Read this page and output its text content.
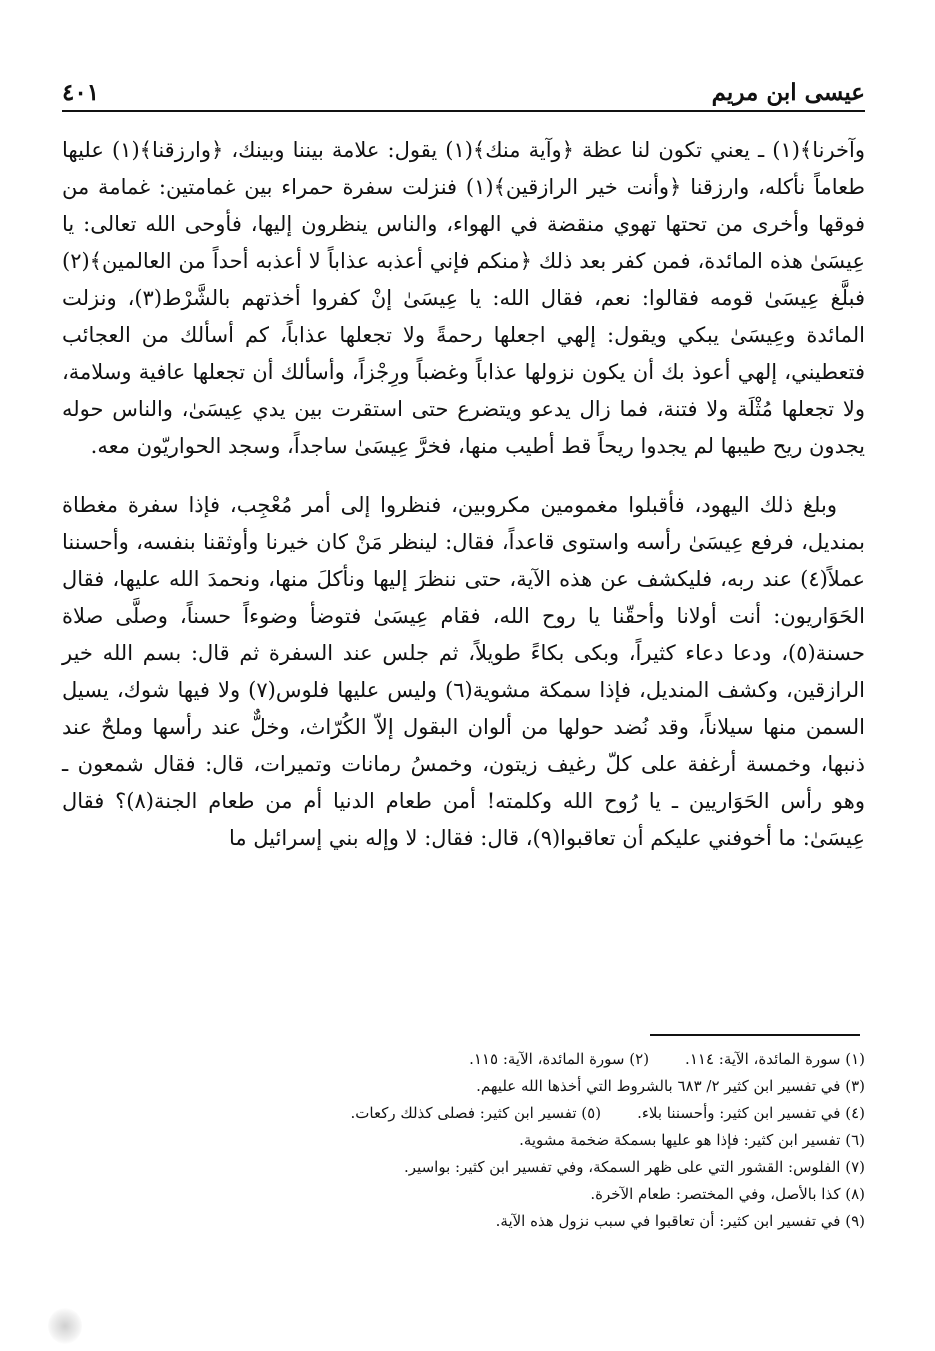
عيسى ابن مريم
٤٠١

وآخرنا﴾(١) ـ يعني تكون لنا عظة ﴿وآية منك﴾(١) يقول: علامة بيننا وبينك، ﴿وارزقنا﴾(١) عليها طعاماً نأكله، وارزقنا ﴿وأنت خير الرازقين﴾(١) فنزلت سفرة حمراء بين غمامتين: غمامة من فوقها وأخرى من تحتها تهوي منقضة في الهواء، والناس ينظرون إليها، فأوحى الله تعالى: يا عِيسَىٰ هذه المائدة، فمن كفر بعد ذلك ﴿منكم فإني أعذبه عذاباً لا أعذبه أحداً من العالمين﴾(٢) فبلَّغ عِيسَىٰ قومه فقالوا: نعم، فقال الله: يا عِيسَىٰ إنْ كفروا أخذتهم بالشَّرْط(٣)، ونزلت المائدة وعِيسَىٰ يبكي ويقول: إلهي اجعلها رحمةً ولا تجعلها عذاباً، كم أسألك من العجائب فتعطيني، إلهي أعوذ بك أن يكون نزولها عذاباً وغضباً ورِجْزاً، وأسألك أن تجعلها عافية وسلامة، ولا تجعلها مُثْلَة ولا فتنة، فما زال يدعو ويتضرع حتى استقرت بين يدي عِيسَىٰ، والناس حوله يجدون ريح طيبها لم يجدوا ريحاً قط أطيب منها، فخرَّ عِيسَىٰ ساجداً، وسجد الحواريّون معه.

وبلغ ذلك اليهود، فأقبلوا مغمومين مكروبين، فنظروا إلى أمر مُعْجِب، فإذا سفرة مغطاة بمنديل، فرفع عِيسَىٰ رأسه واستوى قاعداً، فقال: لينظر مَنْ كان خيرنا وأوثقنا بنفسه، وأحسننا عملاً(٤) عند ربه، فليكشف عن هذه الآية، حتى ننظرَ إليها ونأكلَ منها، ونحمدَ الله عليها، فقال الحَوَاريون: أنت أولانا وأحقّنا يا روح الله، فقام عِيسَىٰ فتوضأ وضوءاً حسناً، وصلَّى صلاة حسنة(٥)، ودعا دعاء كثيراً، وبكى بكاءً طويلاً، ثم جلس عند السفرة ثم قال: بسم الله خير الرازقين، وكشف المنديل، فإذا سمكة مشوية(٦) وليس عليها فلوس(٧) ولا فيها شوك، يسيل السمن منها سيلاناً، وقد نُضد حولها من ألوان البقول إلاّ الكُرّاث، وخلٌّ عند رأسها وملحٌ عند ذنبها، وخمسة أرغفة على كلّ رغيف زيتون، وخمسُ رمانات وتميرات، قال: فقال شمعون ـ وهو رأس الحَوَاريين ـ يا رُوح الله وكلمته! أمن طعام الدنيا أم من طعام الجنة(٨)؟ فقال عِيسَىٰ: ما أخوفني عليكم أن تعاقبوا(٩)، قال: فقال: لا وإله بني إسرائيل ما

(١) سورة المائدة، الآية: ١١٤.
(٢) سورة المائدة، الآية: ١١٥.
(٣) في تفسير ابن كثير ٢/ ٦٨٣ بالشروط التي أخذها الله عليهم.
(٤) في تفسير ابن كثير: وأحسننا بلاء.
(٥) تفسير ابن كثير: فصلى كذلك ركعات.
(٦) تفسير ابن كثير: فإذا هو عليها بسمكة ضخمة مشوية.
(٧) الفلوس: القشور التي على ظهر السمكة، وفي تفسير ابن كثير: بواسير.
(٨) كذا بالأصل، وفي المختصر: طعام الآخرة.
(٩) في تفسير ابن كثير: أن تعاقبوا في سبب نزول هذه الآية.
